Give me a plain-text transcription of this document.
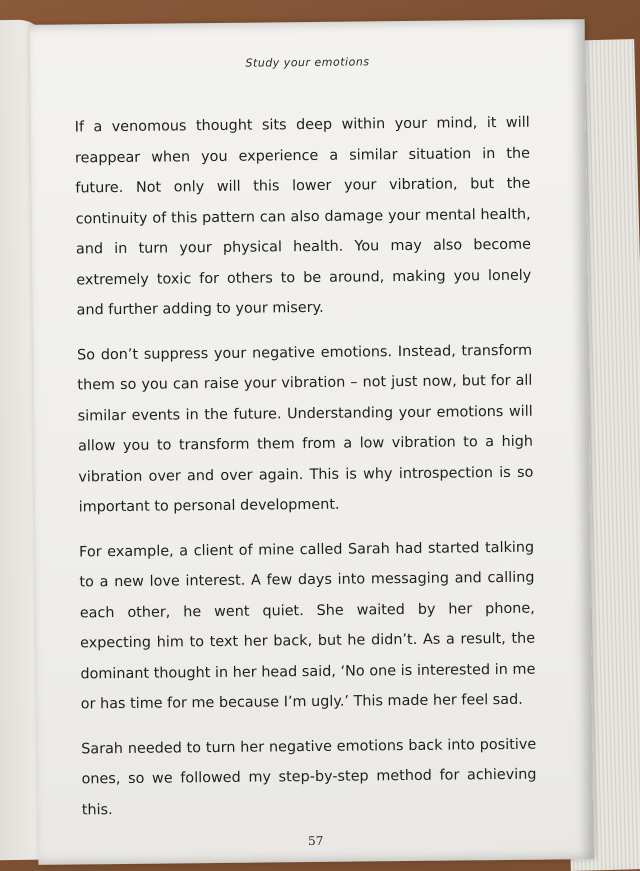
Study your emotions

If a venomous thought sits deep within your mind, it will reappear when you experience a similar situation in the future. Not only will this lower your vibration, but the continuity of this pattern can also damage your mental health, and in turn your physical health. You may also become extremely toxic for others to be around, making you lonely and further adding to your misery.

So don’t suppress your negative emotions. Instead, transform them so you can raise your vibration – not just now, but for all similar events in the future. Understanding your emotions will allow you to transform them from a low vibration to a high vibration over and over again. This is why introspection is so important to personal development.

For example, a client of mine called Sarah had started talking to a new love interest. A few days into messaging and calling each other, he went quiet. She waited by her phone, expecting him to text her back, but he didn’t. As a result, the dominant thought in her head said, ‘No one is interested in me or has time for me because I’m ugly.’ This made her feel sad.

Sarah needed to turn her negative emotions back into positive ones, so we followed my step-by-step method for achieving this.

57
